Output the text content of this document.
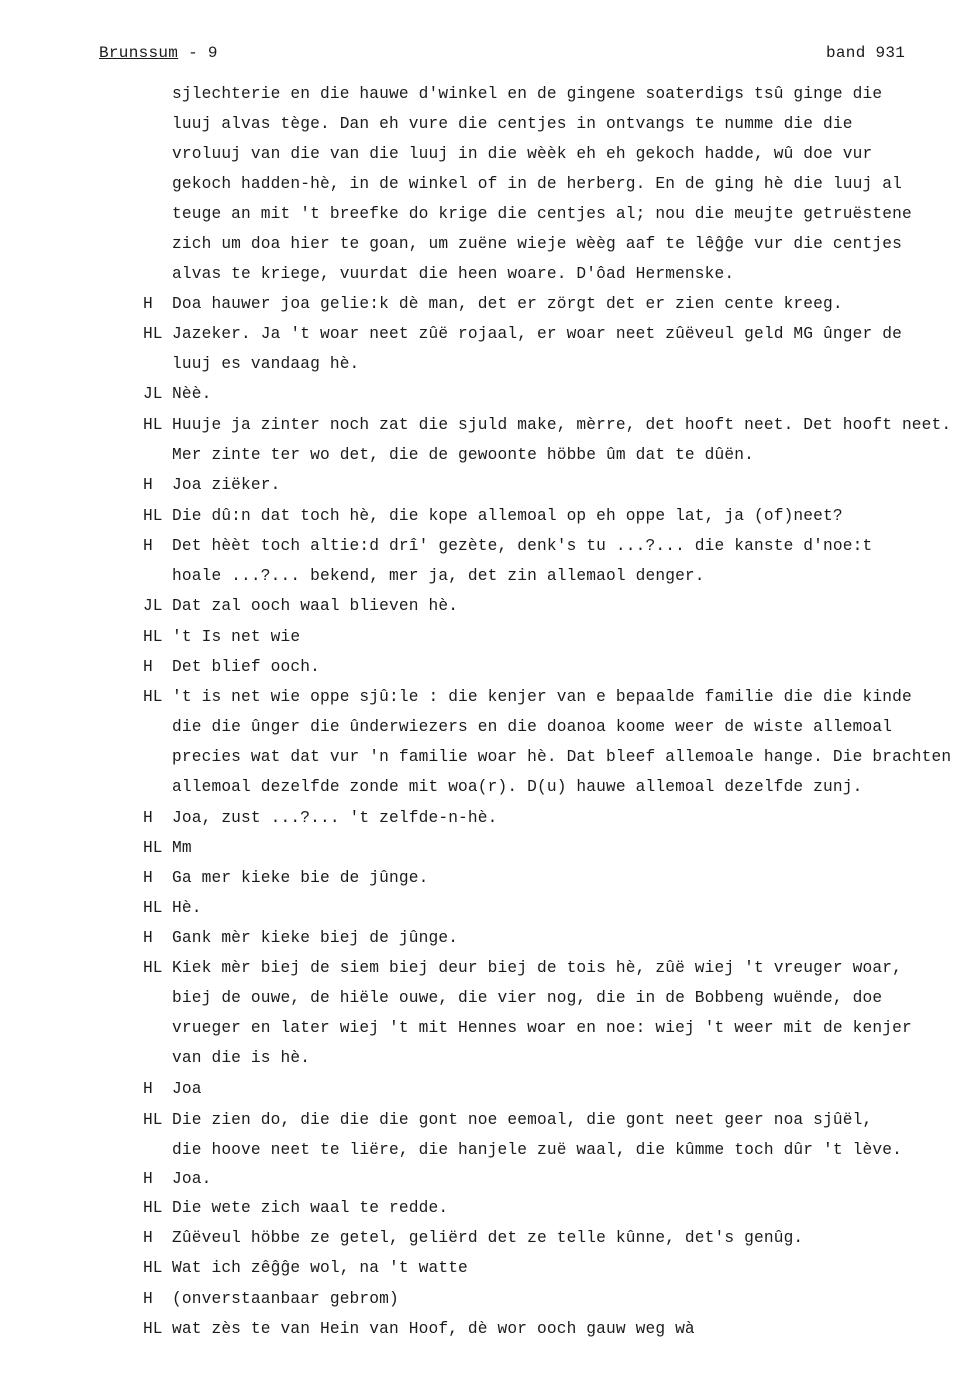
Brunssum - 9	band 931
sjlechterie en die hauwe d'winkel en de gingene soaterdigs tsû ginge die
luuj alvas tège. Dan eh vure die centjes in ontvangs te numme die die
vroluuj van die van die luuj in die wèèk eh eh gekoch hadde, wû doe vur
gekoch hadden-hè, in de winkel of in de herberg. En de ging hè die luuj al
teuge an mit 't breefke do krige die centjes al; nou die meujte getruëstene
zich um doa hier te goan, um zuëne wieje wèèg aaf te lêĝĝe vur die centjes
alvas te kriege, vuurdat die heen woare. D'ôad Hermenske.
H Doa hauwer joa gelie:k dè man, det er zörgt det er zien cente kreeg.
HL Jazeker. Ja 't woar neet zûë rojaal, er woar neet zûëveul geld MG ûnger de
luuj es vandaag hè.
JL Nèè.
HL Huuje ja zinter noch zat die sjuld make, mèrre, det hooft neet. Det hooft neet.
Mer zinte ter wo det, die de gewoonte höbbe ûm dat te dûën.
H Joa ziëker.
HL Die dû:n dat toch hè, die kope allemoal op eh oppe lat, ja (of)neet?
H Det hèèt toch altie:d drî' gezète, denk's tu ...?... die kanste d'noe:t
hoale ...?... bekend, mer ja, det zin allemaol denger.
JL Dat zal ooch waal blieven hè.
HL 't Is net wie
H Det blief ooch.
HL 't is net wie oppe sjû:le : die kenjer van e bepaalde familie die die kinde
die die ûnger die ûnderwiezers en die doanoa koome weer de wiste allemoal
precies wat dat vur 'n familie woar hè. Dat bleef allemoale hange. Die brachten
allemoal dezelfde zonde mit woa(r). D(u) hauwe allemoal dezelfde zunj.
H Joa, zust ...?... 't zelfde-n-hè.
HL Mm
H Ga mer kieke bie de jûnge.
HL Hè.
H Gank mèr kieke biej de jûnge.
HL Kiek mèr biej de siem biej deur biej de tois hè, zûë wiej 't vreuger woar,
biej de ouwe, de hiële ouwe, die vier nog, die in de Bobbeng wuënde, doe
vrueger en later wiej 't mit Hennes woar en noe: wiej 't weer mit de kenjer
van die is hè.
H Joa
HL Die zien do, die die die gont noe eemoal, die gont neet geer noa sjûël,
die hoove neet te liëre, die hanjele zuë waal, die kûmme toch dûr 't lève.
H Joa.
HL Die wete zich waal te redde.
H Zûëveul höbbe ze getel, geliërd det ze telle kûnne, det's genûg.
HL Wat ich zêĝĝe wol, na 't watte
H (onverstaanbaar gebrom)
HL wat zès te van Hein van Hoof, dè wor ooch gauw weg wà
